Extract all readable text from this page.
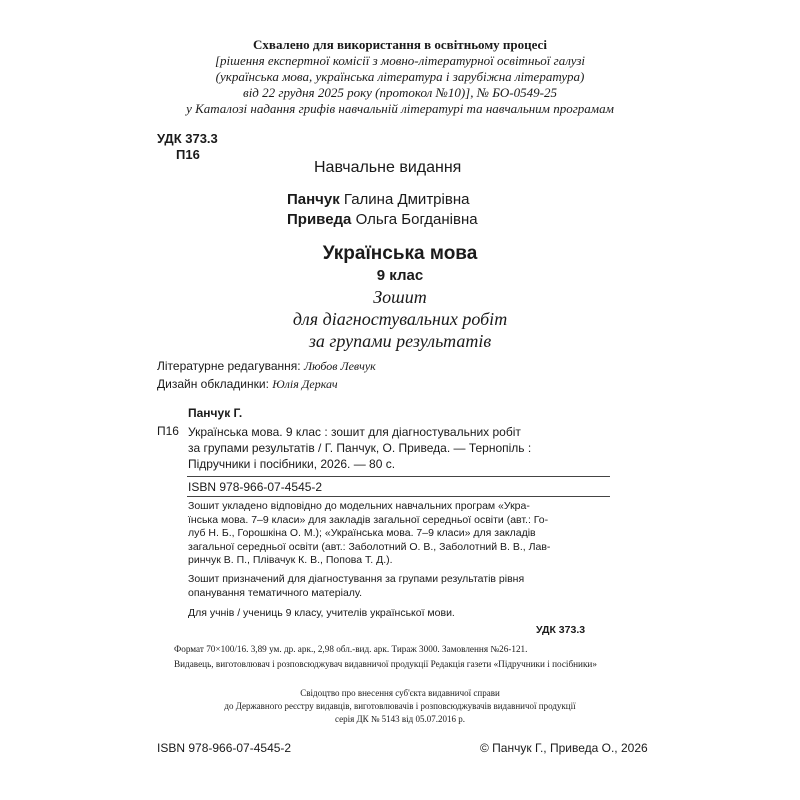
Схвалено для використання в освітньому процесі
[рішення експертної комісії з мовно-літературної освітньої галузі
(українська мова, українська література і зарубіжна література)
від 22 грудня 2025 року (протокол №10)], № БО-0549-25
у Каталозі надання грифів навчальній літературі та навчальним програмам
УДК 373.3
П16
Навчальне видання
Панчук Галина Дмитрівна
Приведа Ольга Богданівна
Українська мова
9 клас
Зошит
для діагностувальних робіт
за групами результатів
Літературне редагування: Любов Левчук
Дизайн обкладинки: Юлія Деркач
Панчук Г.
П16 Українська мова. 9 клас : зошит для діагностувальних робіт
за групами результатів / Г. Панчук, О. Приведа. — Тернопіль :
Підручники і посібники, 2026. — 80 с.
ISBN 978-966-07-4545-2
Зошит укладено відповідно до модельних навчальних програм «Укра-
їнська мова. 7–9 класи» для закладів загальної середньої освіти (авт.: Го-
луб Н. Б., Горошкіна О. М.); «Українська мова. 7–9 класи» для закладів
загальної середньої освіти (авт.: Заболотний О. В., Заболотний В. В., Лав-
ринчук В. П., Плівачук К. В., Попова Т. Д.).
Зошит призначений для діагностування за групами результатів рівня
опанування тематичного матеріалу.
Для учнів / учениць 9 класу, учителів української мови.
УДК 373.3
Формат 70×100/16. 3,89 ум. др. арк., 2,98 обл.-вид. арк. Тираж 3000. Замовлення №26-121.
Видавець, виготовлювач і розповсюджувач видавничої продукції Редакція газети «Підручники і посібники»
Свідоцтво про внесення суб'єкта видавничої справи
до Державного реєстру видавців, виготовлювачів і розповсюджувачів видавничої продукції
серія ДК № 5143 від 05.07.2016 р.
ISBN 978-966-07-4545-2	© Панчук Г., Приведа О., 2026
